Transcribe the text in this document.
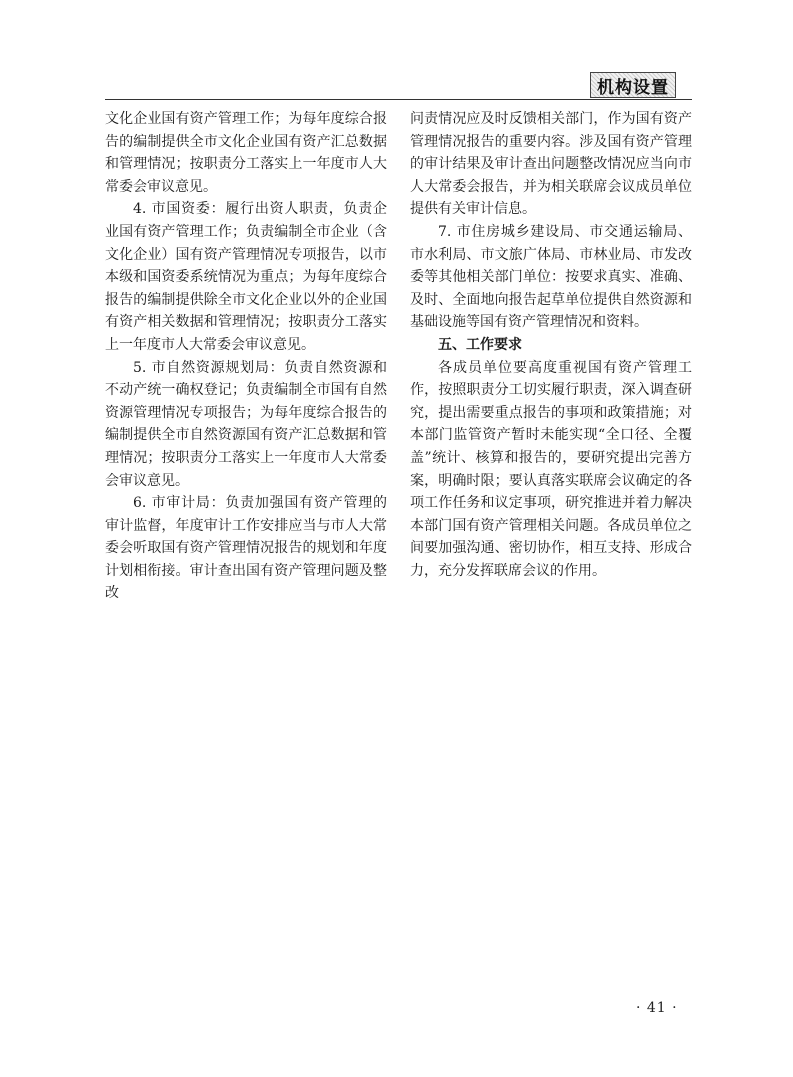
机构设置

文化企业国有资产管理工作；为每年度综合报告的编制提供全市文化企业国有资产汇总数据和管理情况；按职责分工落实上一年度市人大常委会审议意见。

4. 市国资委：履行出资人职责，负责企业国有资产管理工作；负责编制全市企业（含文化企业）国有资产管理情况专项报告，以市本级和国资委系统情况为重点；为每年度综合报告的编制提供除全市文化企业以外的企业国有资产相关数据和管理情况；按职责分工落实上一年度市人大常委会审议意见。

5. 市自然资源规划局：负责自然资源和不动产统一确权登记；负责编制全市国有自然资源管理情况专项报告；为每年度综合报告的编制提供全市自然资源国有资产汇总数据和管理情况；按职责分工落实上一年度市人大常委会审议意见。

6. 市审计局：负责加强国有资产管理的审计监督，年度审计工作安排应当与市人大常委会听取国有资产管理情况报告的规划和年度计划相衔接。审计查出国有资产管理问题及整改

问责情况应及时反馈相关部门，作为国有资产管理情况报告的重要内容。涉及国有资产管理的审计结果及审计查出问题整改情况应当向市人大常委会报告，并为相关联席会议成员单位提供有关审计信息。

7. 市住房城乡建设局、市交通运输局、市水利局、市文旅广体局、市林业局、市发改委等其他相关部门单位：按要求真实、准确、及时、全面地向报告起草单位提供自然资源和基础设施等国有资产管理情况和资料。

五、工作要求

各成员单位要高度重视国有资产管理工作，按照职责分工切实履行职责，深入调查研究，提出需要重点报告的事项和政策措施；对本部门监管资产暂时未能实现“全口径、全覆盖”统计、核算和报告的，要研究提出完善方案，明确时限；要认真落实联席会议确定的各项工作任务和议定事项，研究推进并着力解决本部门国有资产管理相关问题。各成员单位之间要加强沟通、密切协作，相互支持、形成合力，充分发挥联席会议的作用。

· 41 ·
